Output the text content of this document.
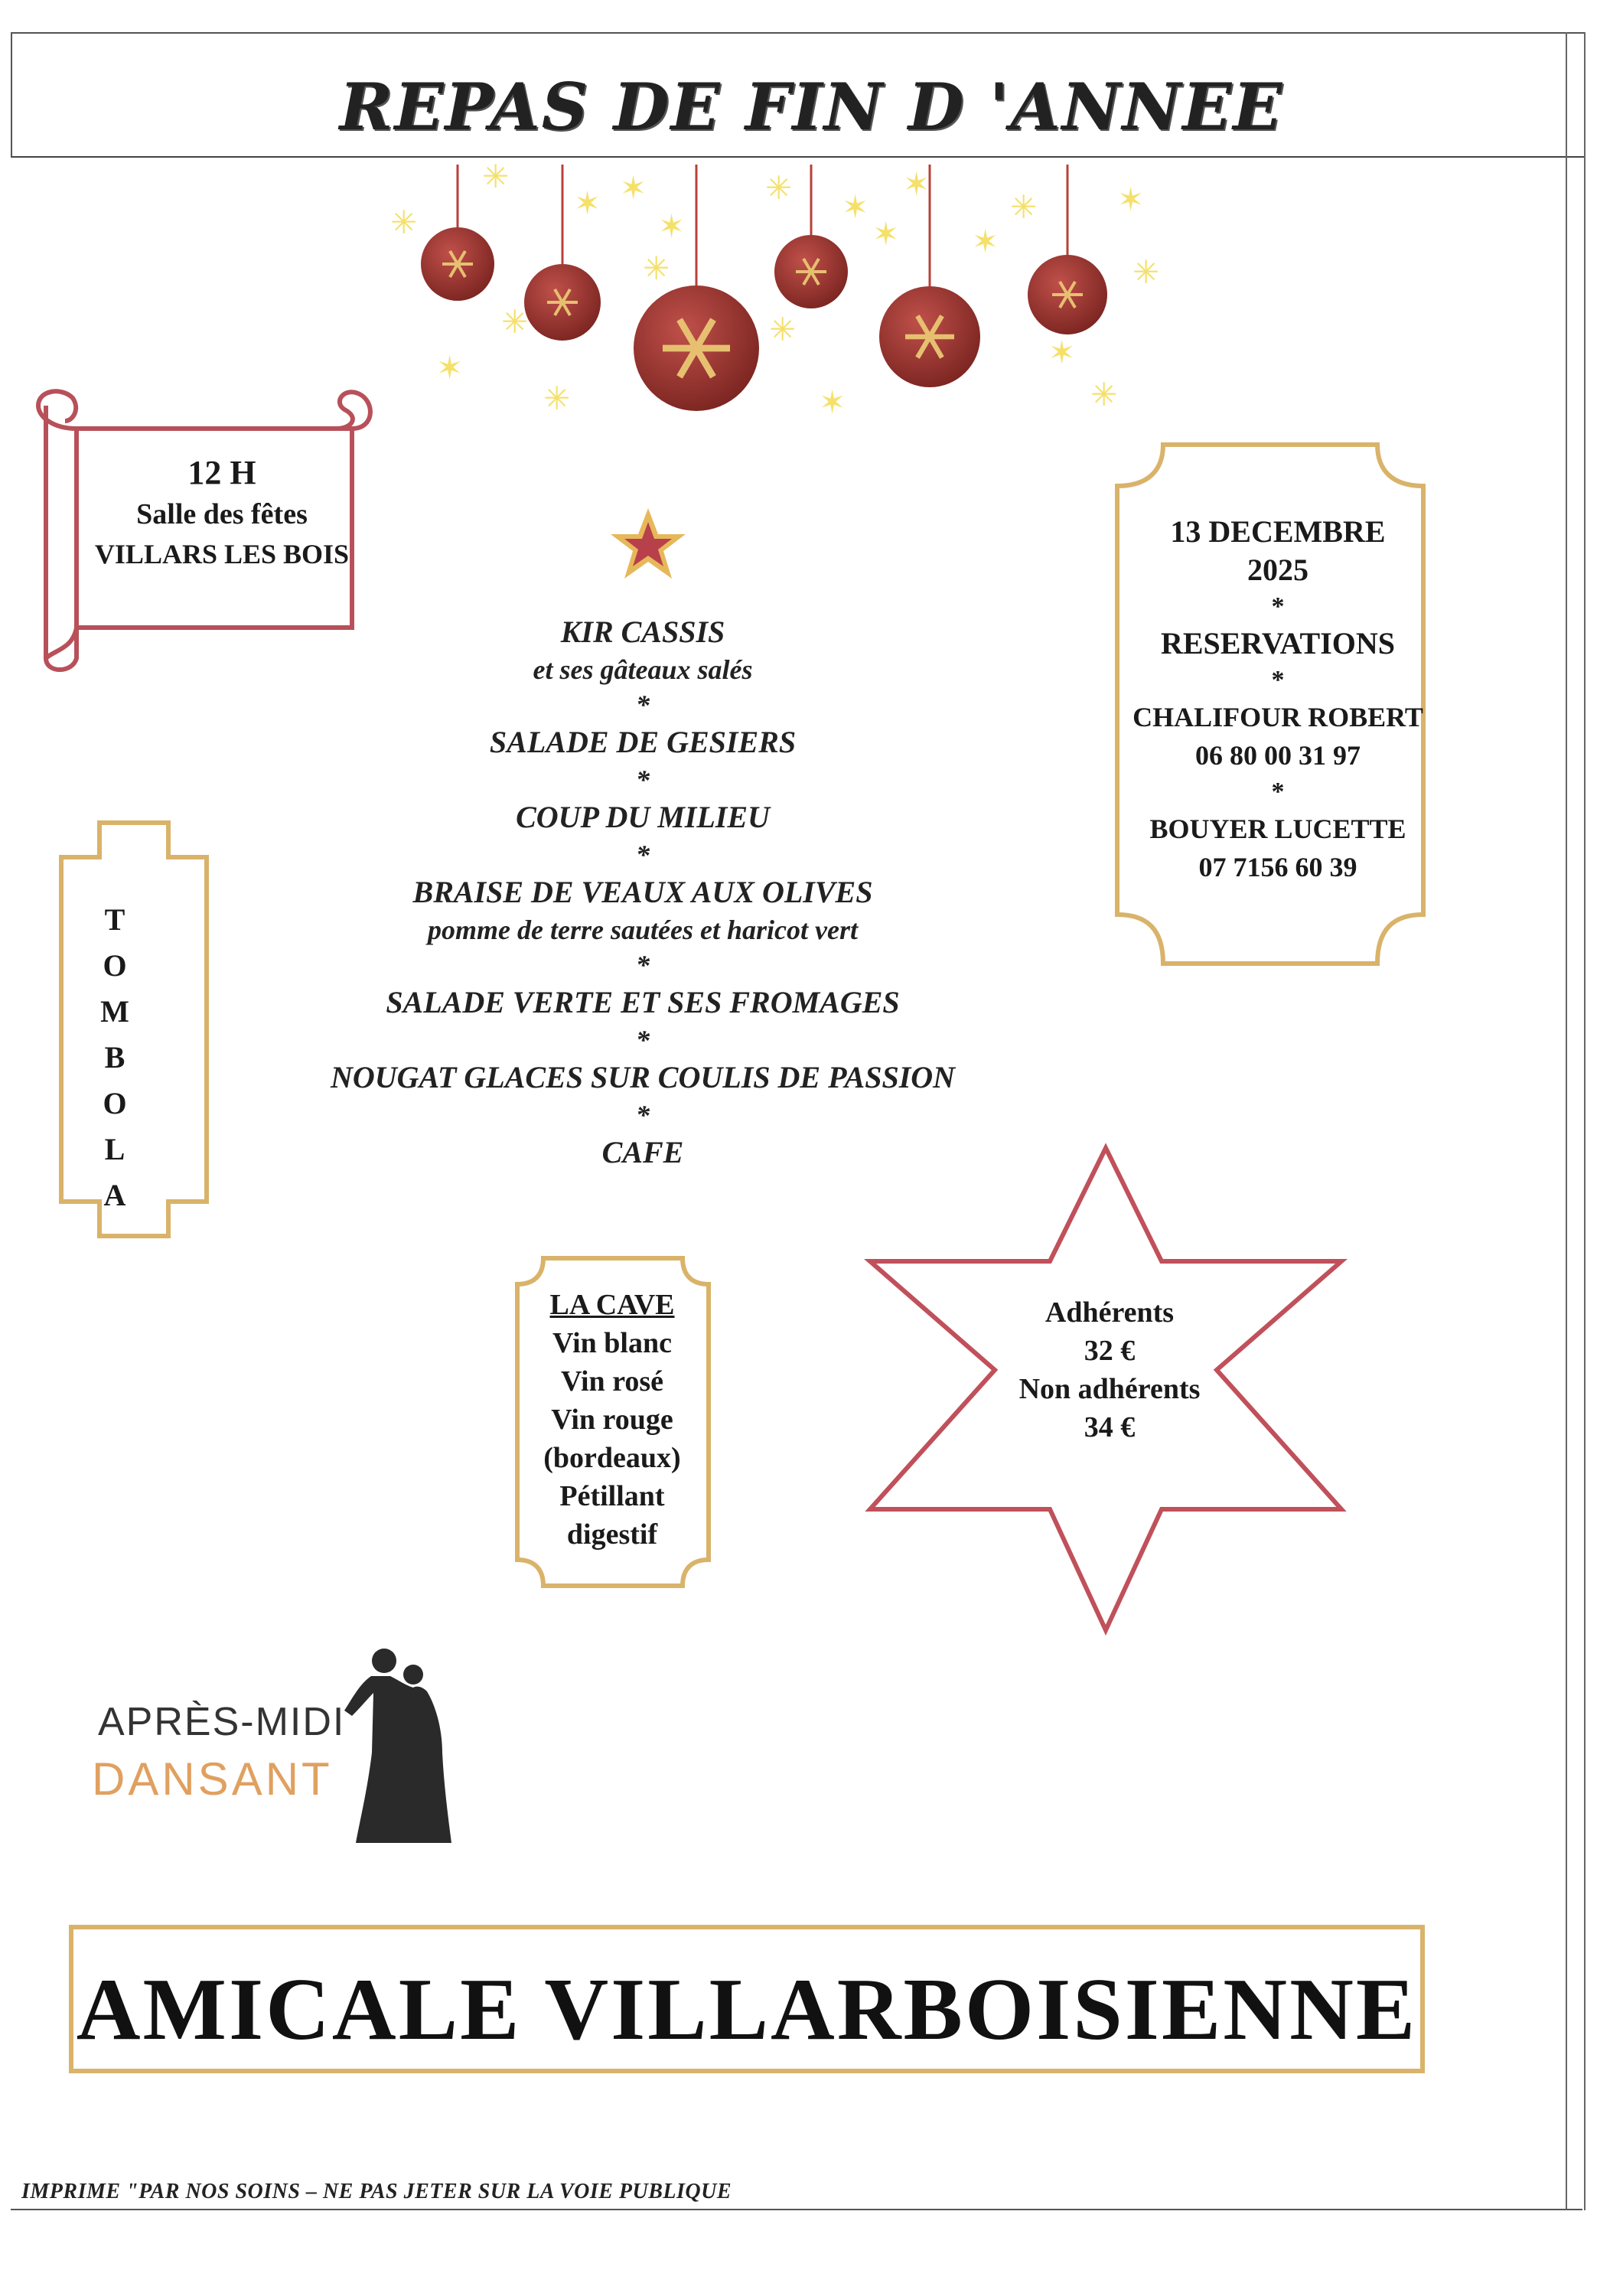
REPAS DE FIN D 'ANNEE
✳
✳
✳
✶ ✶
✶
✳
✳
✶
✶
✳
✶
✶
✳ ✶
✳
✶
✳
✳
✶
✶
12 H
Salle des fêtes
VILLARS LES BOIS
KIR CASSIS
et ses gâteaux salés
*
SALADE DE GESIERS
*
COUP DU MILIEU
*
BRAISE DE VEAUX AUX OLIVES
pomme de terre sautées et haricot vert
*
SALADE VERTE ET SES FROMAGES
*
NOUGAT GLACES SUR COULIS DE PASSION
*
CAFE
13 DECEMBRE
2025
*
RESERVATIONS
*
CHALIFOUR ROBERT
06 80 00 31 97
*
BOUYER LUCETTE
07 7156 60 39
T
O
M
B
O
L
A
LA CAVE
Vin blanc
Vin rosé
Vin rouge
(bordeaux)
Pétillant
digestif
Adhérents
32 €
Non adhérents
34 €
APRÈS-MIDI
DANSANT
AMICALE VILLARBOISIENNE
IMPRIME "PAR NOS SOINS – NE PAS JETER SUR LA VOIE PUBLIQUE
